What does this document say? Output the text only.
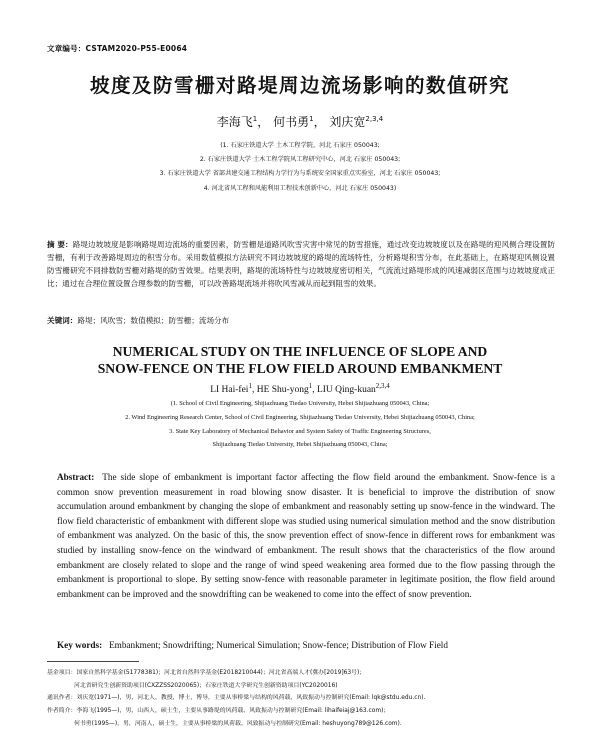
文章编号：CSTAM2020-P55-E0064
坡度及防雪栅对路堤周边流场影响的数值研究
李海飞$^1$， 何书勇$^1$， 刘庆宽$^{2,3,4}$
(1. 石家庄铁道大学 土木工程学院，河北 石家庄 050043;
2. 石家庄铁道大学 土木工程学院风工程研究中心，河北 石家庄 050043;
3. 石家庄铁道大学 省部共建交通工程结构力学行为与系统安全国家重点实验室，河北 石家庄 050043;
4. 河北省风工程和风能利用工程技术创新中心，河北 石家庄 050043)
摘 要：路堤边坡坡度是影响路堤周边流场的重要因素，防雪栅是道路风吹雪灾害中常见的防雪措施，通过改变边坡坡度以及在路堤的迎风侧合理设置防雪栅，有利于改善路堤周边的积雪分布。采用数值模拟方法研究不同边坡坡度的路堤的流场特性，分析路堤积雪分布，在此基础上，在路堤迎风侧设置防雪栅研究不同排数防雪栅对路堤的防雪效果。结果表明，路堤的流场特性与边坡坡度密切相关，气流流过路堤形成的风速减弱区范围与边坡坡度成正比；通过在合理位置设置合理参数的防雪栅，可以改善路堤流场并将吹风雪减从而起到阻雪的效果。
关键词：路堤；风吹雪；数值模拟；防雪栅；流场分布
NUMERICAL STUDY ON THE INFLUENCE OF SLOPE AND
SNOW-FENCE ON THE FLOW FIELD AROUND EMBANKMENT
LI Hai-fei$^1$, HE Shu-yong$^1$, LIU Qing-kuan$^{2,3,4}$
(1. School of Civil Engineering, Shijiazhuang Tiedao University, Hebei Shijiazhuang 050043, China;
2. Wind Engineering Research Center, School of Civil Engineering, Shijiazhuang Tiedao University, Hebei Shijiazhuang 050043, China;
3. State Key Laboratory of Mechanical Behavior and System Safety of Traffic Engineering Structures,
Shijiazhuang Tiedao University, Hebei Shijiazhuang 050043, China;
Abstract: The side slope of embankment is important factor affecting the flow field around the embankment. Snow-fence is a common snow prevention measurement in road blowing snow disaster. It is beneficial to improve the distribution of snow accumulation around embankment by changing the slope of embankment and reasonably setting up snow-fence in the windward. The flow field characteristic of embankment with different slope was studied using numerical simulation method and the snow distribution of embankment was analyzed. On the basic of this, the snow prevention effect of snow-fence in different rows for embankment was studied by installing snow-fence on the windward of embankment. The result shows that the characteristics of the flow around embankment are closely related to slope and the range of wind speed weakening area formed due to the flow passing through the embankment is proportional to slope. By setting snow-fence with reasonable parameter in legitimate position, the flow field around embankment can be improved and the snowdrifting can be weakened to come into the effect of snow prevention.
Key words: Embankment; Snowdrifting; Numerical Simulation; Snow-fence; Distribution of Flow Field
基金项目：国家自然科学基金(51778381)；河北省自然科学基金(E2018210044)；河北省高端人才(冀办[2019]63号)；
河北省研究生创新资助项目(CXZZSS2020065)；石家庄铁道大学研究生创新资助项目(YC2020016)
通讯作者：刘庆宽(1971—)，男，河北人，教授，博士，博导，主要从事桥梁与结构的风荷载、风致振动与控制研究(Email: lqk@stdu.edu.cn).
作者简介：李海飞(1995—)，男，山西人，硕士生，主要从事路堤的风荷载、风致振动与控制研究(Email: lihaifeiaj@163.com)；
何书勇(1995—)，男，河南人，硕士生，主要从事桥梁的风荷载、风致振动与控制研究(Email: heshuyong789@126.com).
